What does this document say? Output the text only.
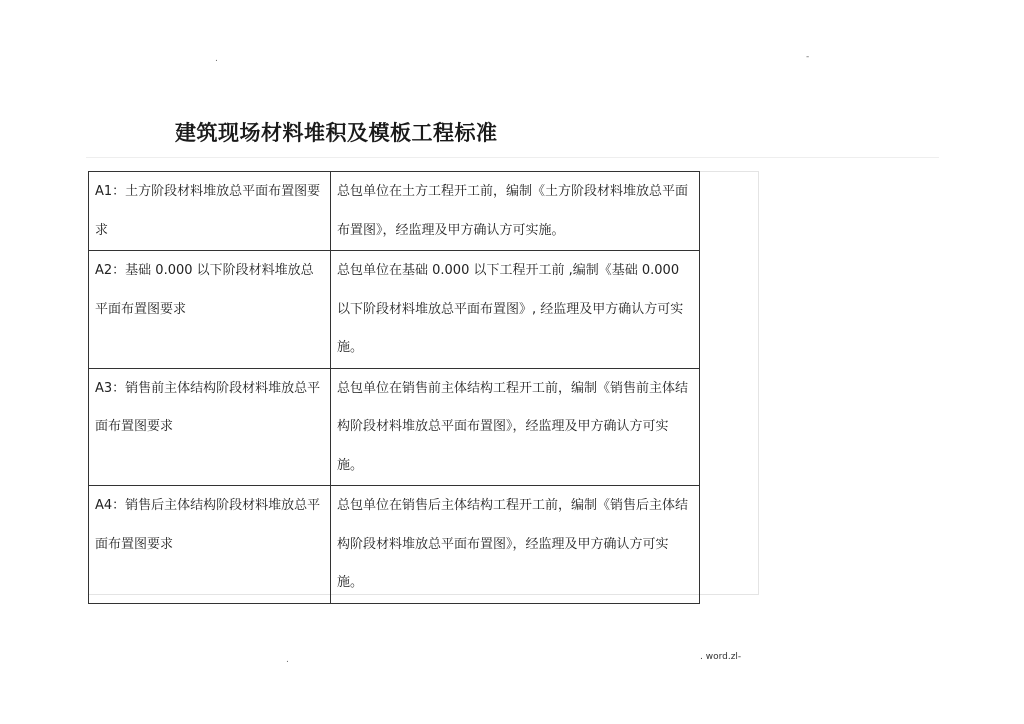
.	-
建筑现场材料堆积及模板工程标准
A1：土方阶段材料堆放总平面布置图要求	总包单位在土方工程开工前，编制《土方阶段材料堆放总平面布置图》，经监理及甲方确认方可实施。
A2：基础 0.000 以下阶段材料堆放总平面布置图要求	总包单位在基础 0.000 以下工程开工前 ,编制《基础 0.000 以下阶段材料堆放总平面布置图》, 经监理及甲方确认方可实施。
A3：销售前主体结构阶段材料堆放总平面布置图要求	总包单位在销售前主体结构工程开工前，编制《销售前主体结构阶段材料堆放总平面布置图》，经监理及甲方确认方可实施。
A4：销售后主体结构阶段材料堆放总平面布置图要求	总包单位在销售后主体结构工程开工前，编制《销售后主体结构阶段材料堆放总平面布置图》，经监理及甲方确认方可实施。
.	. word.zl-
